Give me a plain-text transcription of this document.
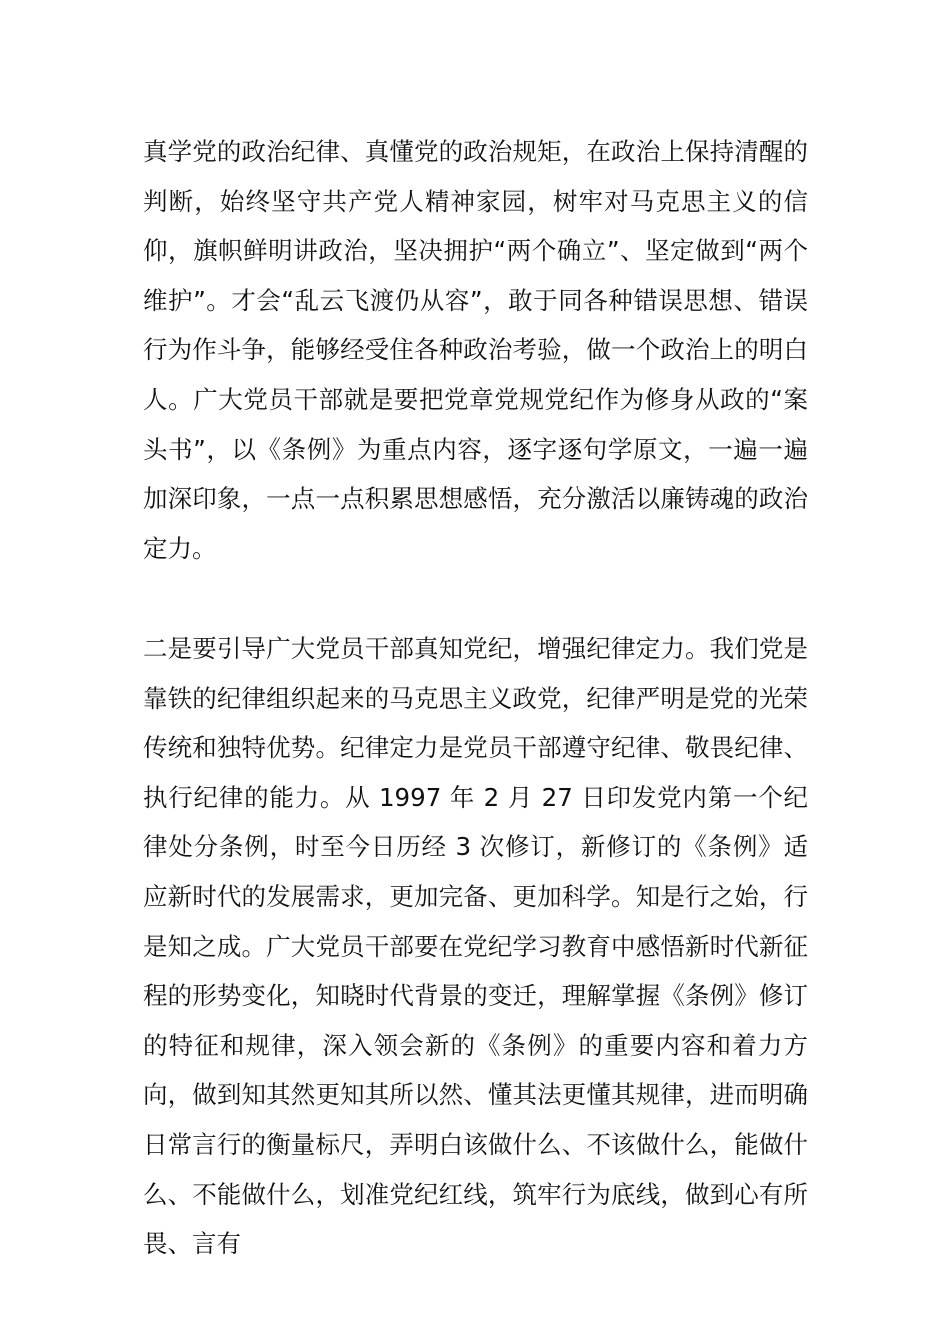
真学党的政治纪律、真懂党的政治规矩，在政治上保持清醒的判断，始终坚守共产党人精神家园，树牢对马克思主义的信仰，旗帜鲜明讲政治，坚决拥护“两个确立”、坚定做到“两个维护”。才会“乱云飞渡仍从容”，敢于同各种错误思想、错误行为作斗争，能够经受住各种政治考验，做一个政治上的明白人。广大党员干部就是要把党章党规党纪作为修身从政的“案头书”，以《条例》为重点内容，逐字逐句学原文，一遍一遍加深印象，一点一点积累思想感悟，充分激活以廉铸魂的政治定力。

二是要引导广大党员干部真知党纪，增强纪律定力。我们党是靠铁的纪律组织起来的马克思主义政党，纪律严明是党的光荣传统和独特优势。纪律定力是党员干部遵守纪律、敬畏纪律、执行纪律的能力。从 1997 年 2 月 27 日印发党内第一个纪律处分条例，时至今日历经 3 次修订，新修订的《条例》适应新时代的发展需求，更加完备、更加科学。知是行之始，行是知之成。广大党员干部要在党纪学习教育中感悟新时代新征程的形势变化，知晓时代背景的变迁，理解掌握《条例》修订的特征和规律，深入领会新的《条例》的重要内容和着力方向，做到知其然更知其所以然、懂其法更懂其规律，进而明确日常言行的衡量标尺，弄明白该做什么、不该做什么，能做什么、不能做什么，划准党纪红线，筑牢行为底线，做到心有所畏、言有
